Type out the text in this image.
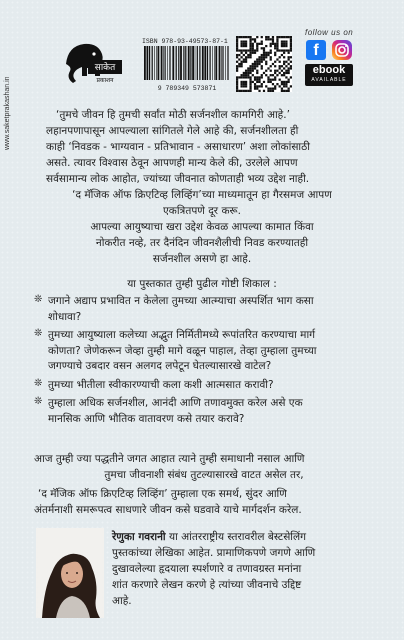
साकेत
प्रकाशन
www.saketprakashan.in
ISBN 978-93-49573-87-1
9 789349 573871
follow us on
f
ebook
AVAILABLE
‘तुमचे जीवन हि तुमची सर्वांत मोठी सर्जनशील कामगिरी आहे.’
लहानपणापासून आपल्याला सांगितले गेले आहे की, सर्जनशीलता ही
काही ‘निवडक - भाग्यवान - प्रतिभावान - असाधारण’ अशा लोकांसाठी
असते. त्यावर विश्वास ठेवून आपणही मान्य केले की, उरलेले आपण
सर्वसामान्य लोक आहोत, ज्यांच्या जीवनात कोणताही भव्य उद्देश नाही.
‘द मॅजिक ऑफ क्रिएटिव्ह लिव्हिंग’च्या माध्यमातून हा गैरसमज आपण
एकत्रितपणे दूर करू.
आपल्या आयुष्याचा खरा उद्देश केवळ आपल्या कामात किंवा
नोकरीत नव्हे, तर दैनंदिन जीवनशैलीची निवड करण्यातही
सर्जनशील असणे हा आहे.
या पुस्तकात तुम्ही पुढील गोष्टी शिकाल :
❊ जगाने अद्याप प्रभावित न केलेला तुमच्या आत्म्याचा अस्पर्शित भाग कसा
शोधावा?
❊ तुमच्या आयुष्याला कलेच्या अद्भुत निर्मितीमध्ये रूपांतरित करण्याचा मार्ग
कोणता? जेणेकरून जेव्हा तुम्ही मागे वळून पाहाल, तेव्हा तुम्हाला तुमच्या
जगण्याचे उबदार वसन अलगद लपेटून घेतल्यासारखे वाटेल?
❊ तुमच्या भीतीला स्वीकारण्याची कला कशी आत्मसात करावी?
❊ तुम्हाला अधिक सर्जनशील, आनंदी आणि तणावमुक्त करेल असे एक
मानसिक आणि भौतिक वातावरण कसे तयार करावे?
आज तुम्ही ज्या पद्धतीने जगत आहात त्याने तुम्ही समाधानी नसाल आणि
तुमचा जीवनाशी संबंध तुटल्यासारखे वाटत असेल तर,
‘द मॅजिक ऑफ क्रिएटिव्ह लिव्हिंग’ तुम्हाला एक समर्थ, सुंदर आणि
अंतर्मनाशी समरूपत्व साधणारे जीवन कसे घडवावे याचे मार्गदर्शन करेल.
रेणुका गवरानी या आंतरराष्ट्रीय स्तरावरील बेस्टसेलिंग
पुस्तकांच्या लेखिका आहेत. प्रामाणिकपणे जगणे आणि
दुखावलेल्या हृदयाला स्पर्शणारे व तणावग्रस्त मनांना
शांत करणारे लेखन करणे हे त्यांच्या जीवनाचे उद्दिष्ट
आहे.
